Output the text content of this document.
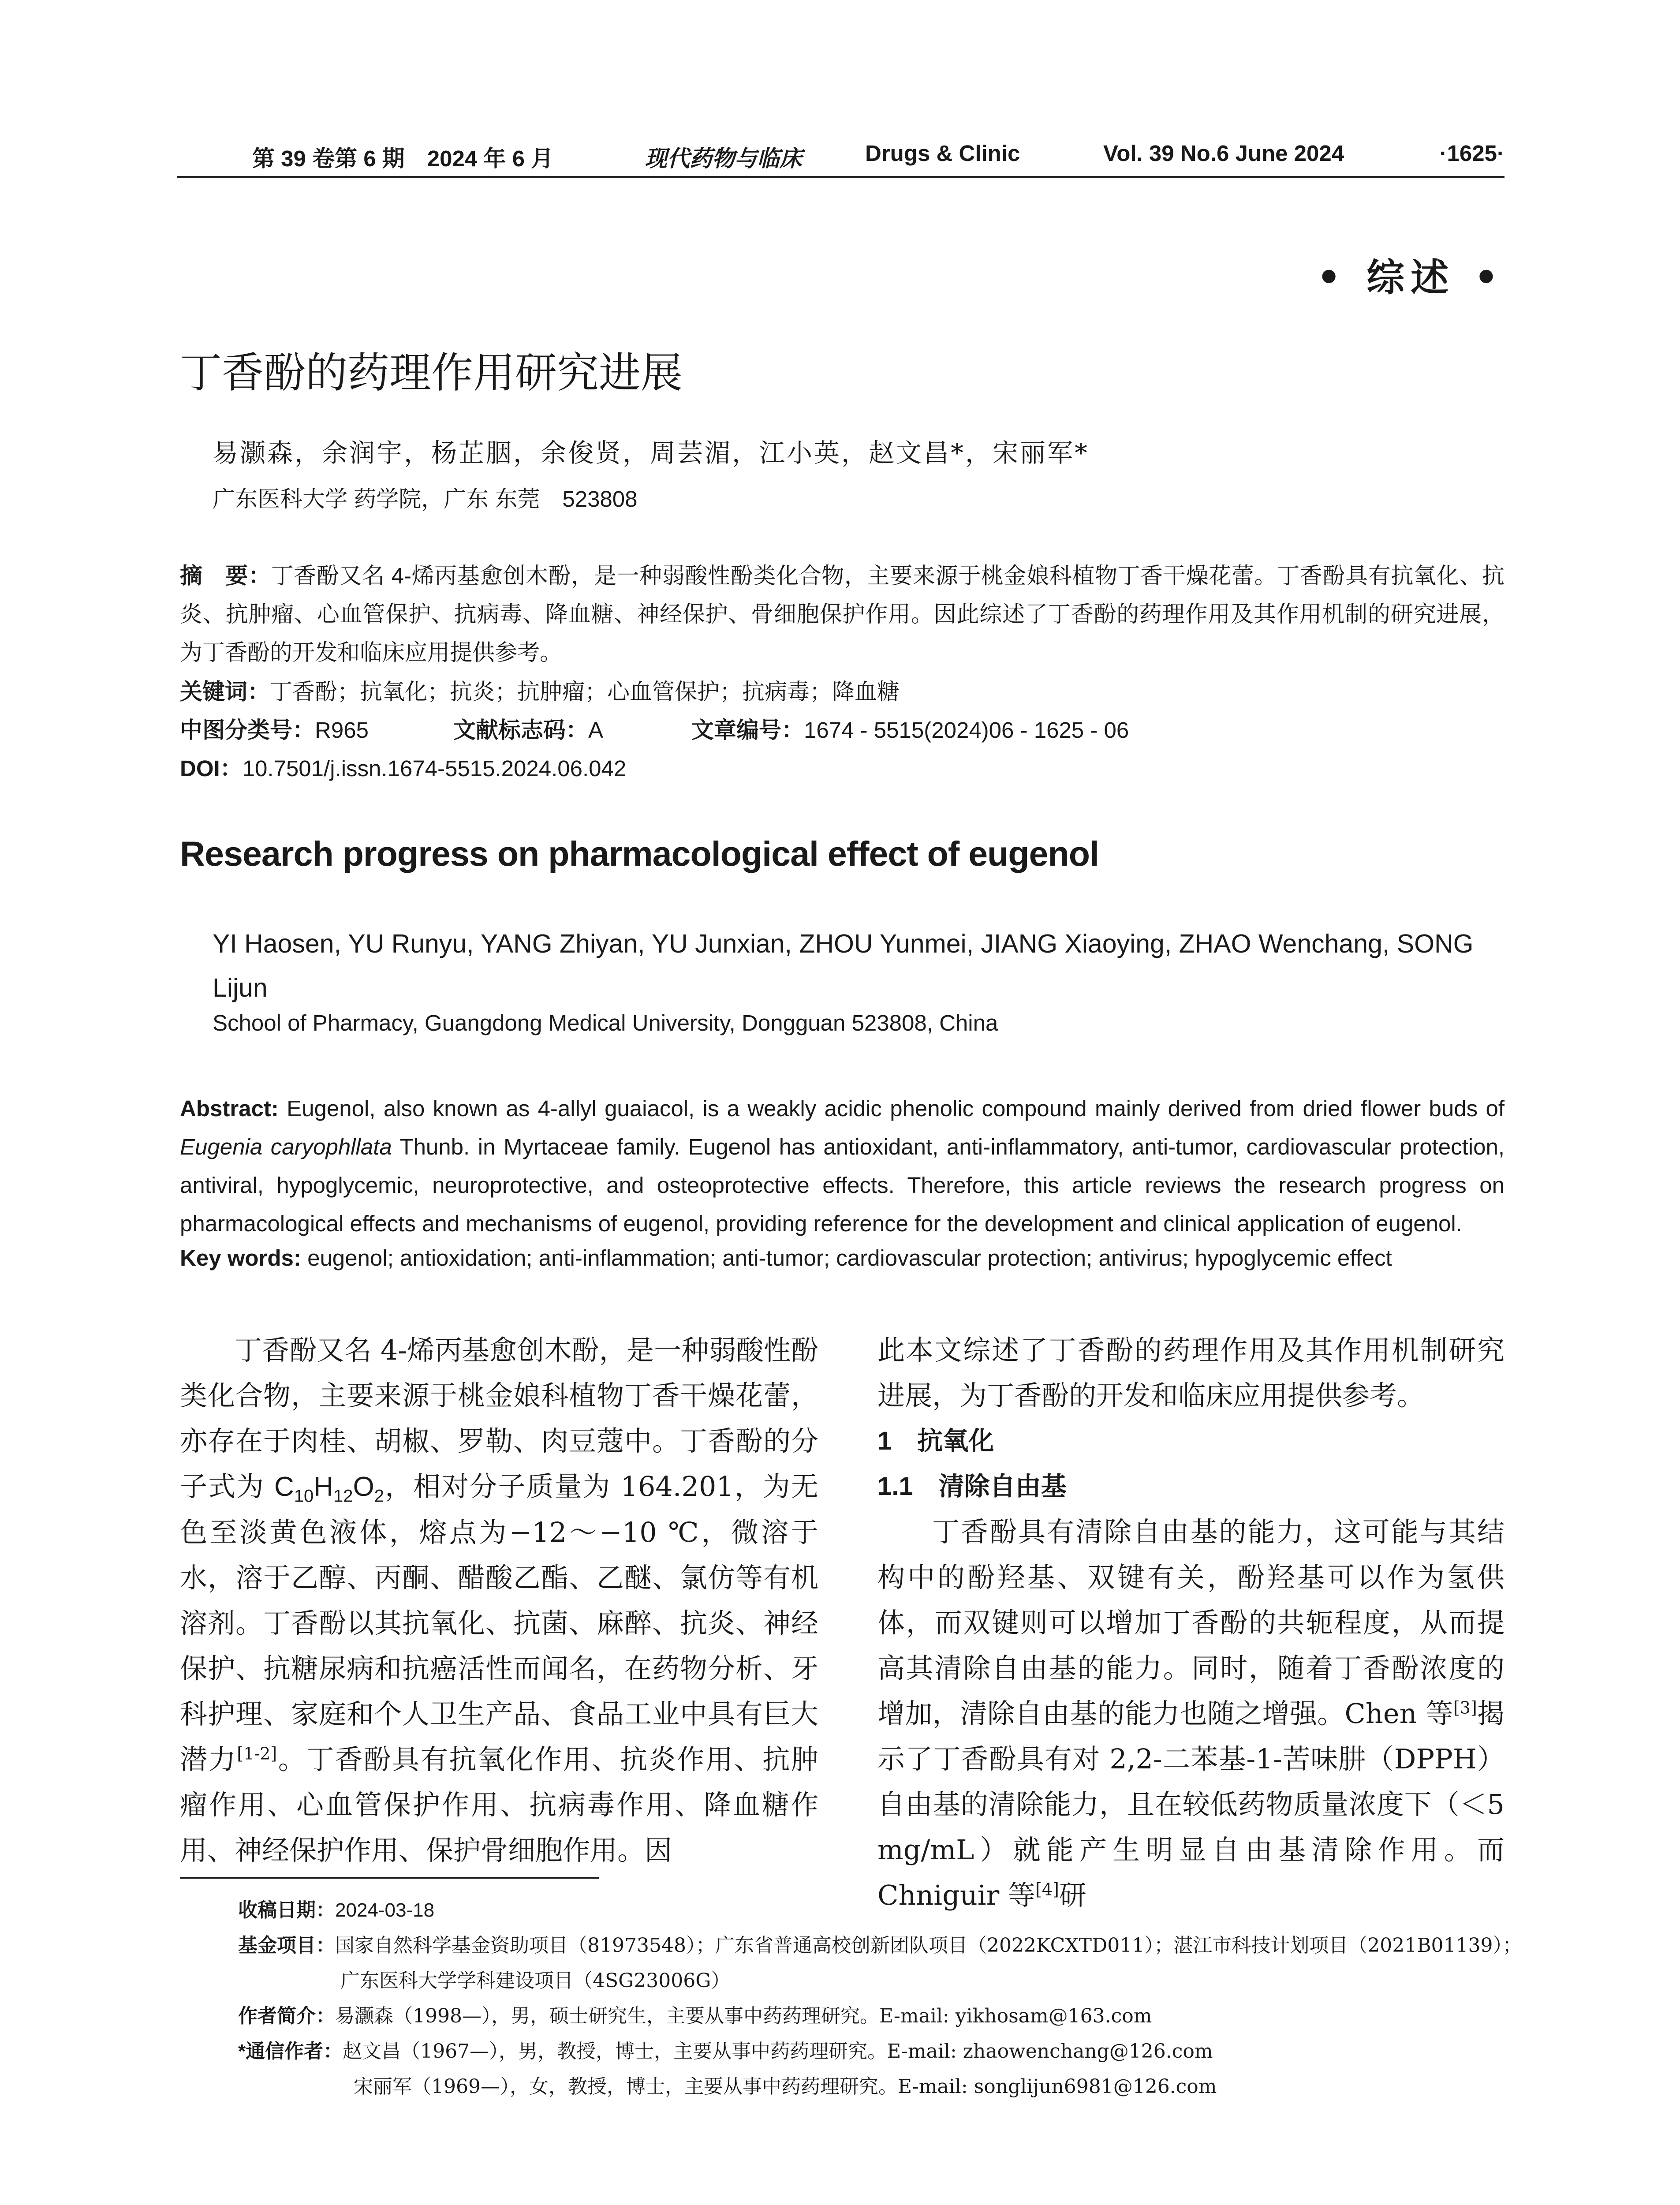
第 39 卷第 6 期　2024 年 6 月	现代药物与临床	Drugs & Clinic	Vol. 39 No.6 June 2024	·1625·
• 综述 •
丁香酚的药理作用研究进展
易灏森，余润宇，杨芷胭，余俊贤，周芸湄，江小英，赵文昌*，宋丽军*
广东医科大学 药学院，广东 东莞　523808
摘　要：丁香酚又名 4-烯丙基愈创木酚，是一种弱酸性酚类化合物，主要来源于桃金娘科植物丁香干燥花蕾。丁香酚具有抗氧化、抗炎、抗肿瘤、心血管保护、抗病毒、降血糖、神经保护、骨细胞保护作用。因此综述了丁香酚的药理作用及其作用机制的研究进展，为丁香酚的开发和临床应用提供参考。
关键词：丁香酚；抗氧化；抗炎；抗肿瘤；心血管保护；抗病毒；降血糖
中图分类号：R965	文献标志码：A	文章编号：1674 - 5515(2024)06 - 1625 - 06
DOI：10.7501/j.issn.1674-5515.2024.06.042
Research progress on pharmacological effect of eugenol
YI Haosen, YU Runyu, YANG Zhiyan, YU Junxian, ZHOU Yunmei, JIANG Xiaoying, ZHAO Wenchang, SONG Lijun
School of Pharmacy, Guangdong Medical University, Dongguan 523808, China
Abstract: Eugenol, also known as 4-allyl guaiacol, is a weakly acidic phenolic compound mainly derived from dried flower buds of Eugenia caryophllata Thunb. in Myrtaceae family. Eugenol has antioxidant, anti-inflammatory, anti-tumor, cardiovascular protection, antiviral, hypoglycemic, neuroprotective, and osteoprotective effects. Therefore, this article reviews the research progress on pharmacological effects and mechanisms of eugenol, providing reference for the development and clinical application of eugenol.
Key words: eugenol; antioxidation; anti-inflammation; anti-tumor; cardiovascular protection; antivirus; hypoglycemic effect
丁香酚又名 4-烯丙基愈创木酚，是一种弱酸性酚类化合物，主要来源于桃金娘科植物丁香干燥花蕾，亦存在于肉桂、胡椒、罗勒、肉豆蔻中。丁香酚的分子式为 $C_{10}H_{12}O_2$，相对分子质量为 164.201，为无色至淡黄色液体，熔点为−12～−10 ℃，微溶于水，溶于乙醇、丙酮、醋酸乙酯、乙醚、氯仿等有机溶剂。丁香酚以其抗氧化、抗菌、麻醉、抗炎、神经保护、抗糖尿病和抗癌活性而闻名，在药物分析、牙科护理、家庭和个人卫生产品、食品工业中具有巨大潜力[1-2]。丁香酚具有抗氧化作用、抗炎作用、抗肿瘤作用、心血管保护作用、抗病毒作用、降血糖作用、神经保护作用、保护骨细胞作用。因
此本文综述了丁香酚的药理作用及其作用机制研究进展，为丁香酚的开发和临床应用提供参考。
1　抗氧化
1.1　清除自由基
丁香酚具有清除自由基的能力，这可能与其结构中的酚羟基、双键有关，酚羟基可以作为氢供体，而双键则可以增加丁香酚的共轭程度，从而提高其清除自由基的能力。同时，随着丁香酚浓度的增加，清除自由基的能力也随之增强。Chen 等[3]揭示了丁香酚具有对 2,2-二苯基-1-苦味肼（DPPH）自由基的清除能力，且在较低药物质量浓度下（＜5 mg/mL）就能产生明显自由基清除作用。而 Chniguir 等[4]研
收稿日期：2024-03-18
基金项目：国家自然科学基金资助项目（81973548）；广东省普通高校创新团队项目（2022KCXTD011）；湛江市科技计划项目（2021B01139）；
广东医科大学学科建设项目（4SG23006G）
作者简介：易灏森（1998—），男，硕士研究生，主要从事中药药理研究。E-mail: yikhosam@163.com
*通信作者：赵文昌（1967—），男，教授，博士，主要从事中药药理研究。E-mail: zhaowenchang@126.com
宋丽军（1969—），女，教授，博士，主要从事中药药理研究。E-mail: songlijun6981@126.com
